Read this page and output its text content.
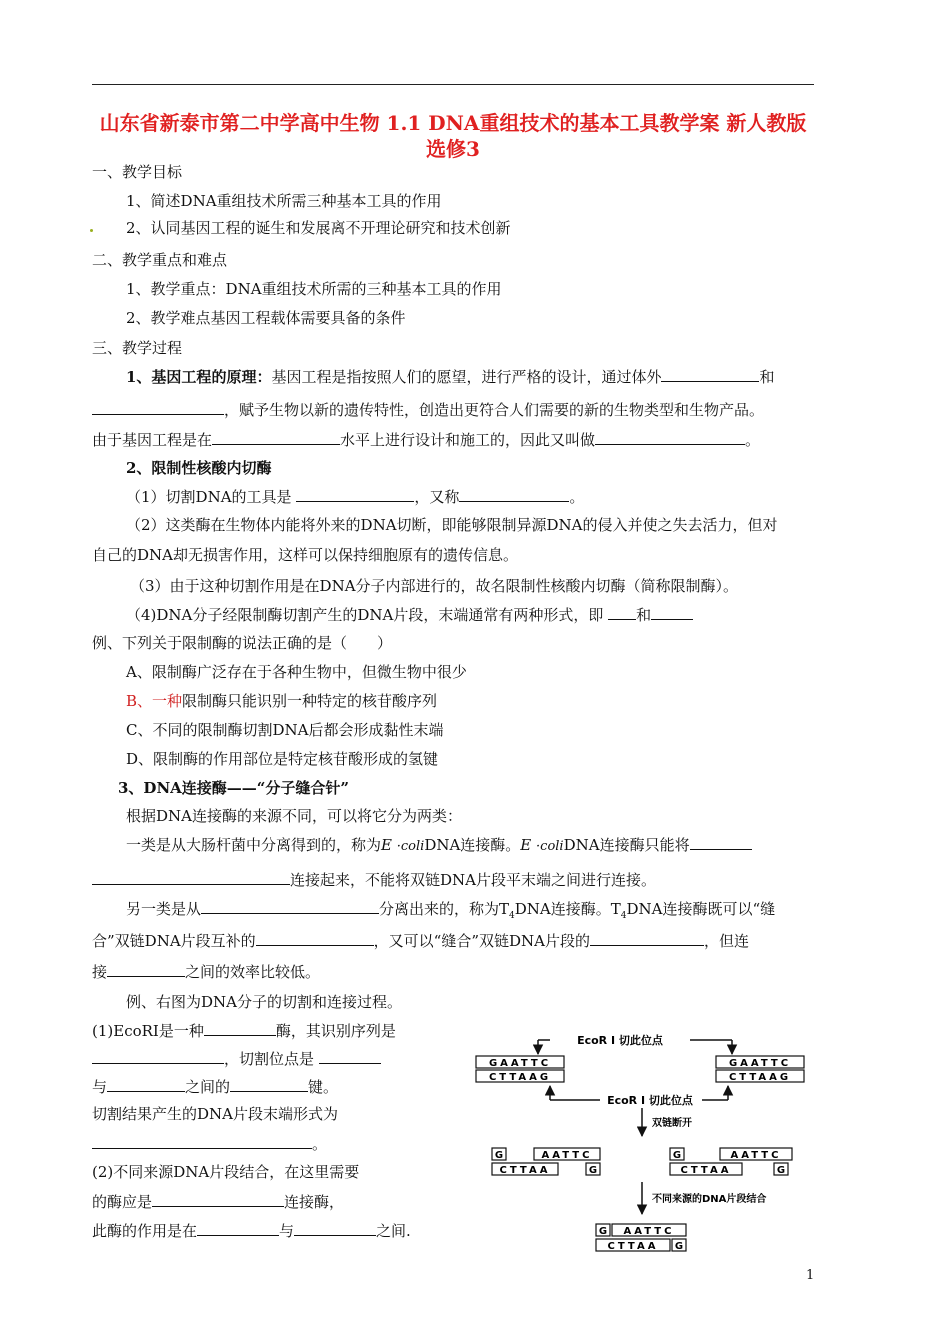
山东省新泰市第二中学高中生物 1.1 DNA重组技术的基本工具教学案 新人教版选修3
一、教学目标
1、简述DNA重组技术所需三种基本工具的作用
2、认同基因工程的诞生和发展离不开理论研究和技术创新
二、教学重点和难点
1、教学重点：DNA重组技术所需的三种基本工具的作用
2、教学难点基因工程载体需要具备的条件
三、教学过程
1、基因工程的原理：基因工程是指按照人们的愿望，进行严格的设计，通过体外	和
，赋予生物以新的遗传特性，创造出更符合人们需要的新的生物类型和生物产品。
由于基因工程是在	水平上进行设计和施工的，因此又叫做	。
2、限制性核酸内切酶
（1）切割DNA的工具是	，又称	。
（2）这类酶在生物体内能将外来的DNA切断，即能够限制异源DNA的侵入并使之失去活力，但对
自己的DNA却无损害作用，这样可以保持细胞原有的遗传信息。
（3）由于这种切割作用是在DNA分子内部进行的，故名限制性核酸内切酶（简称限制酶）。
（4)DNA分子经限制酶切割产生的DNA片段，末端通常有两种形式，即 和
例、下列关于限制酶的说法正确的是（　　）
A、限制酶广泛存在于各种生物中，但微生物中很少
B、一种限制酶只能识别一种特定的核苷酸序列
C、不同的限制酶切割DNA后都会形成黏性末端
D、限制酶的作用部位是特定核苷酸形成的氢键
3、DNA连接酶——“分子缝合针”
根据DNA连接酶的来源不同，可以将它分为两类：
一类是从大肠杆菌中分离得到的，称为E ·coliDNA连接酶。E ·coliDNA连接酶只能将
连接起来，不能将双链DNA片段平末端之间进行连接。
另一类是从	分离出来的，称为$T_4DNA$连接酶。$T_4DNA$连接酶既可以“缝
合”双链DNA片段互补的	，又可以“缝合”双链DNA片段的	，但连
接	之间的效率比较低。
例、右图为DNA分子的切割和连接过程。
(1)EcoRI是一种	酶，其识别序列是
，切割位点是
与	之间的	键。
切割结果产生的DNA片段末端形式为
。
(2)不同来源DNA片段结合，在这里需要
的酶应是	连接酶，
此酶的作用是在	与	之间.
EcoR Ⅰ 切此位点
GAATTC
CTTAAG
GAATTC
CTTAAG
EcoR Ⅰ 切此位点
双链断开
G	AATTC
CTTAA	G
G	AATTC
CTTAA	G
不同来源的DNA片段结合
G AATTC
CTTAA G
1
